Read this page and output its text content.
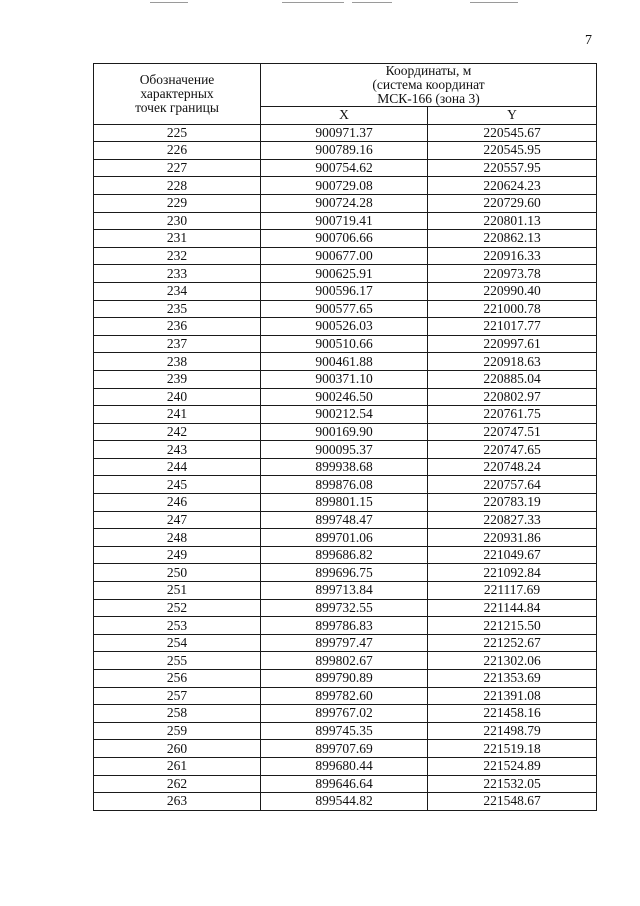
7
Обозначение
характерных
точек границы	Координаты, м
(система координат
МСК-166 (зона 3)	

	X	Y
225	900971.37	220545.67
226	900789.16	220545.95
227	900754.62	220557.95
228	900729.08	220624.23
229	900724.28	220729.60
230	900719.41	220801.13
231	900706.66	220862.13
232	900677.00	220916.33
233	900625.91	220973.78
234	900596.17	220990.40
235	900577.65	221000.78
236	900526.03	221017.77
237	900510.66	220997.61
238	900461.88	220918.63
239	900371.10	220885.04
240	900246.50	220802.97
241	900212.54	220761.75
242	900169.90	220747.51
243	900095.37	220747.65
244	899938.68	220748.24
245	899876.08	220757.64
246	899801.15	220783.19
247	899748.47	220827.33
248	899701.06	220931.86
249	899686.82	221049.67
250	899696.75	221092.84
251	899713.84	221117.69
252	899732.55	221144.84
253	899786.83	221215.50
254	899797.47	221252.67
255	899802.67	221302.06
256	899790.89	221353.69
257	899782.60	221391.08
258	899767.02	221458.16
259	899745.35	221498.79
260	899707.69	221519.18
261	899680.44	221524.89
262	899646.64	221532.05
263	899544.82	221548.67
